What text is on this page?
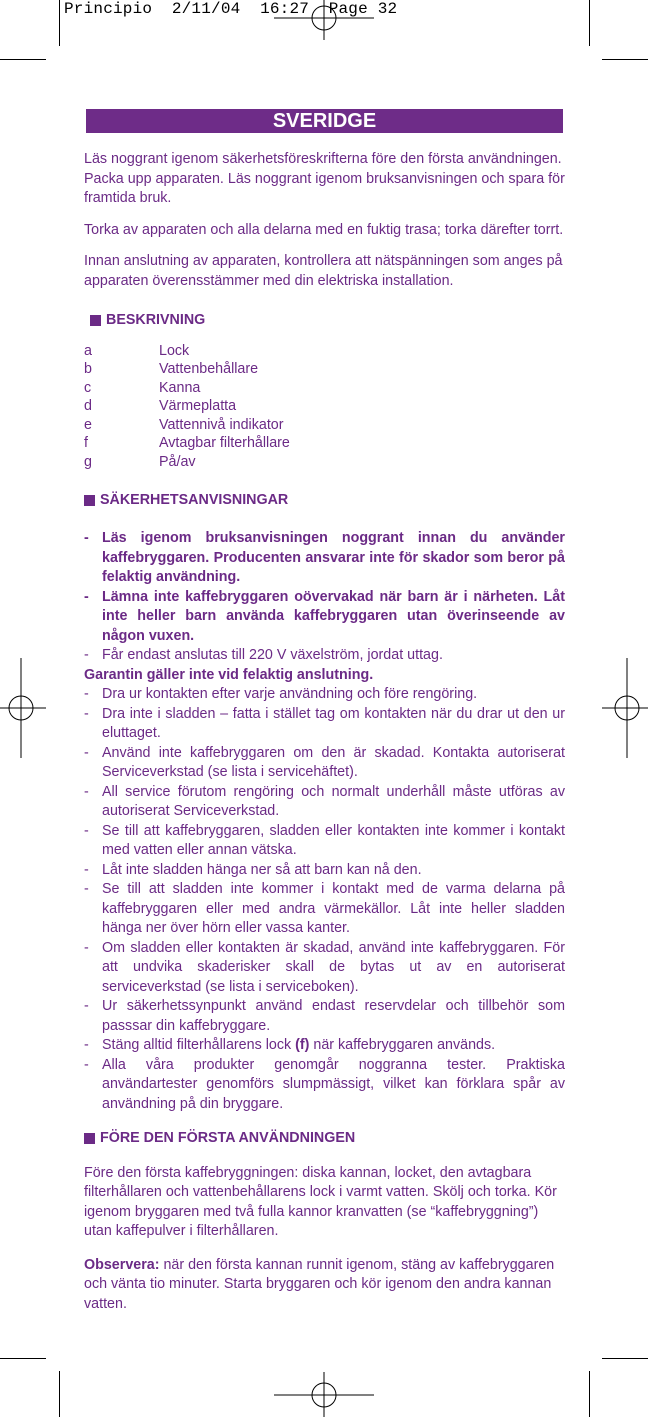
Principio 2/11/04 16:27 Page 32
SVERIDGE

Läs noggrant igenom säkerhetsföreskrifterna före den första användningen. Packa upp apparaten. Läs noggrant igenom bruksanvisningen och spara för framtida bruk.

Torka av apparaten och alla delarna med en fuktig trasa; torka därefter torrt.

Innan anslutning av apparaten, kontrollera att nätspänningen som anges på apparaten överensstämmer med din elektriska installation.

BESKRIVNING
a	Lock
b	Vattenbehållare
c	Kanna
d	Värmeplatta
e	Vattennivå indikator
f	Avtagbar filterhållare
g	På/av
SÄKERHETSANVISNINGAR
- Läs igenom bruksanvisningen noggrant innan du använder kaffebryggaren. Producenten ansvarar inte för skador som beror på felaktig användning.
- Lämna inte kaffebryggaren oövervakad när barn är i närheten. Låt inte heller barn använda kaffebryggaren utan överinseende av någon vuxen.
- Får endast anslutas till 220 V växelström, jordat uttag.

Garantin gäller inte vid felaktig anslutning.

- Dra ur kontakten efter varje användning och före rengöring.
- Dra inte i sladden – fatta i stället tag om kontakten när du drar ut den ur eluttaget.
- Använd inte kaffebryggaren om den är skadad. Kontakta autoriserat Serviceverkstad (se lista i servicehäftet).
- All service förutom rengöring och normalt underhåll måste utföras av autoriserat Serviceverkstad.
- Se till att kaffebryggaren, sladden eller kontakten inte kommer i kontakt med vatten eller annan vätska.
- Låt inte sladden hänga ner så att barn kan nå den.
- Se till att sladden inte kommer i kontakt med de varma delarna på kaffebryggaren eller med andra värmekällor. Låt inte heller sladden hänga ner över hörn eller vassa kanter.
- Om sladden eller kontakten är skadad, använd inte kaffebryggaren. För att undvika skaderisker skall de bytas ut av en autoriserat serviceverkstad (se lista i serviceboken).
- Ur säkerhetssynpunkt använd endast reservdelar och tillbehör som passsar din kaffebryggare.
- Stäng alltid filterhållarens lock (f) när kaffebryggaren används.
- Alla våra produkter genomgår noggranna tester. Praktiska användartester genomförs slumpmässigt, vilket kan förklara spår av användning på din bryggare.
FÖRE DEN FÖRSTA ANVÄNDNINGEN

Före den första kaffebryggningen: diska kannan, locket, den avtagbara filterhållaren och vattenbehållarens lock i varmt vatten. Skölj och torka. Kör igenom bryggaren med två fulla kannor kranvatten (se “kaffebryggning”) utan kaffepulver i filterhållaren.

Observera: när den första kannan runnit igenom, stäng av kaffebryggaren och vänta tio minuter. Starta bryggaren och kör igenom den andra kannan vatten.
